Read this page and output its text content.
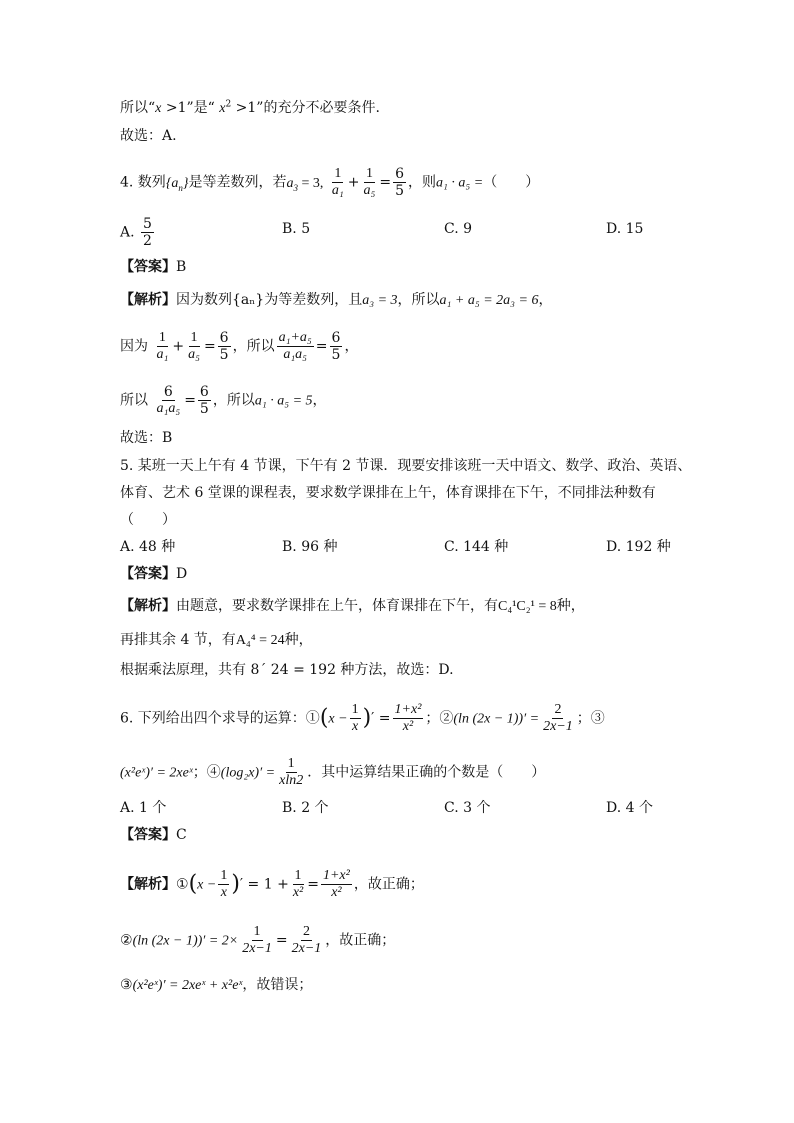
所以“x >1”是“ $x^2 >1$”的充分不必要条件.
故选：A.
4. 数列$\{a_n\}$是等差数列，若$a_3 = 3$, $\frac{1}{\text{a₁}} + \frac{1}{\text{a₅}} = \frac{6}{5}$ ，则a₁ · a₅ =（　　）
A. $\frac{5}{2}$	B. 5	C. 9	D. 15
【答案】B
【解析】因为数列{aₙ}为等差数列，且a₃ = 3，所以a₁ + a₅ = 2a₃ = 6，
因为 $\frac{1}{\text{a₁}} + \frac{1}{\text{a₅}} = \frac{6}{5}$ ，所以 $\frac{\text{a₁+a₅}}{\text{a₁a₅}} = \frac{6}{5}$ ，
所以 $\frac{6}{\text{a₁a₅}} = \frac{6}{5}$ ，所以a₁ · a₅ = 5，
故选：B
5. 某班一天上午有 4 节课，下午有 2 节课．现要安排该班一天中语文、数学、政治、英语、
体育、艺术 6 堂课的课程表，要求数学课排在上午，体育课排在下午，不同排法种数有
（　　）
A. 48 种	B. 96 种	C. 144 种	D. 192 种
【答案】D
【解析】由题意，要求数学课排在上午，体育课排在下午，有C₄¹C₂¹ = 8种，
再排其余 4 节，有A₄⁴ = 24种，
根据乘法原理，共有 8´ 24 = 192 种方法，故选：D.
6. 下列给出四个求导的运算：①(x − $\frac{1}{x}$ )′ = $\frac{\text{1+x²}}{\text{x²}}$ ；②(ln $(2x - 1))' = \frac{2}{2x-1}$ ；③
(x²eˣ)′ = 2xeˣ；④(log₂x)′ = $\frac{1}{xln2}$ ．其中运算结果正确的个数是（　　）
A. 1 个	B. 2 个	C. 3 个	D. 4 个
【答案】C
【解析】①(x − $\frac{1}{x}$ )′ = $1 + \frac{1}{\text{x²}} = \frac{\text{1+x²}}{\text{x²}}$ ，故正确；
②(ln $(2x - 1))' = 2\times \frac{1}{2x-1} = \frac{2}{2x-1}$ ，故正确；
③(x²eˣ)′ = 2xeˣ + x²eˣ，故错误；
